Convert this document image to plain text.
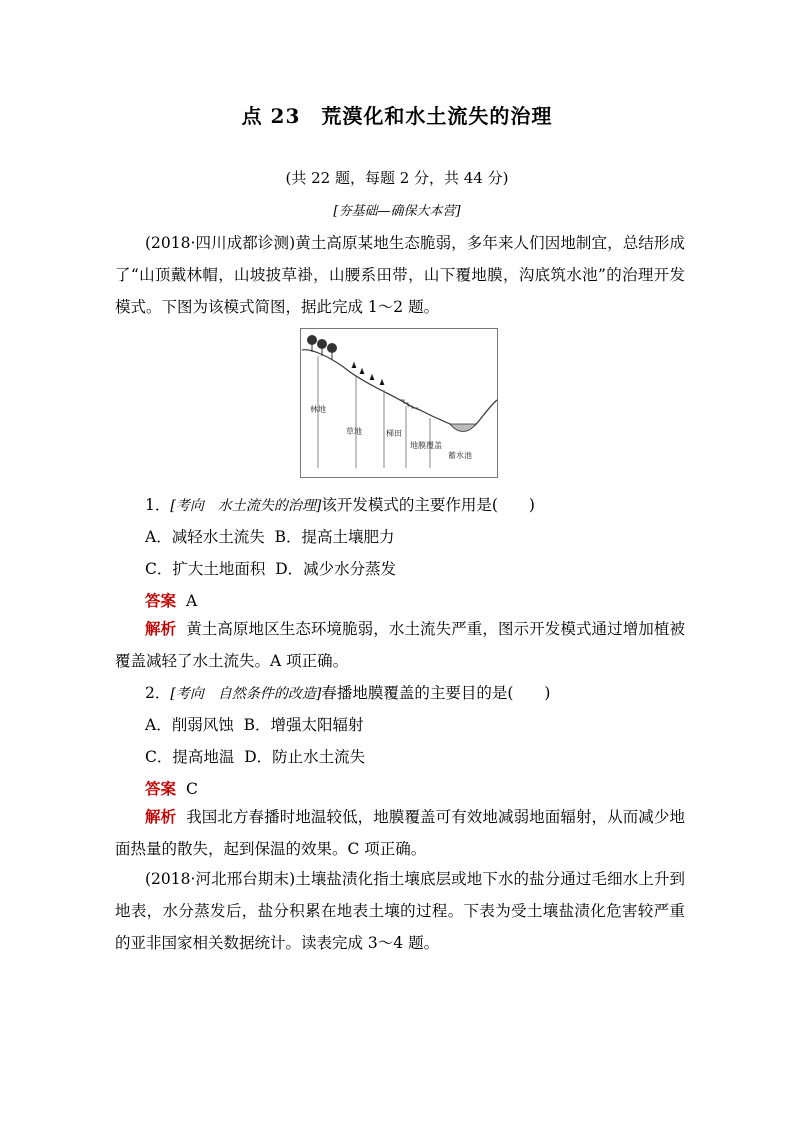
点 23　荒漠化和水土流失的治理
(共 22 题，每题 2 分，共 44 分)
[夯基础—确保大本营]
(2018·四川成都诊测)黄土高原某地生态脆弱，多年来人们因地制宜，总结形成了“山顶戴林帽，山坡披草褂，山腰系田带，山下覆地膜，沟底筑水池”的治理开发模式。下图为该模式简图，据此完成 1～2 题。
林地
草地	梯田
地膜覆盖
蓄水池
1．[考向　水土流失的治理]该开发模式的主要作用是(　　)
A．减轻水土流失 B．提高土壤肥力
C．扩大土地面积 D．减少水分蒸发
答案 A
解析 黄土高原地区生态环境脆弱，水土流失严重，图示开发模式通过增加植被覆盖减轻了水土流失。A 项正确。
2．[考向　自然条件的改造]春播地膜覆盖的主要目的是(　　)
A．削弱风蚀 B．增强太阳辐射
C．提高地温 D．防止水土流失
答案 C
解析 我国北方春播时地温较低，地膜覆盖可有效地减弱地面辐射，从而减少地面热量的散失，起到保温的效果。C 项正确。
(2018·河北邢台期末)土壤盐渍化指土壤底层或地下水的盐分通过毛细水上升到地表，水分蒸发后，盐分积累在地表土壤的过程。下表为受土壤盐渍化危害较严重的亚非国家相关数据统计。读表完成 3～4 题。
